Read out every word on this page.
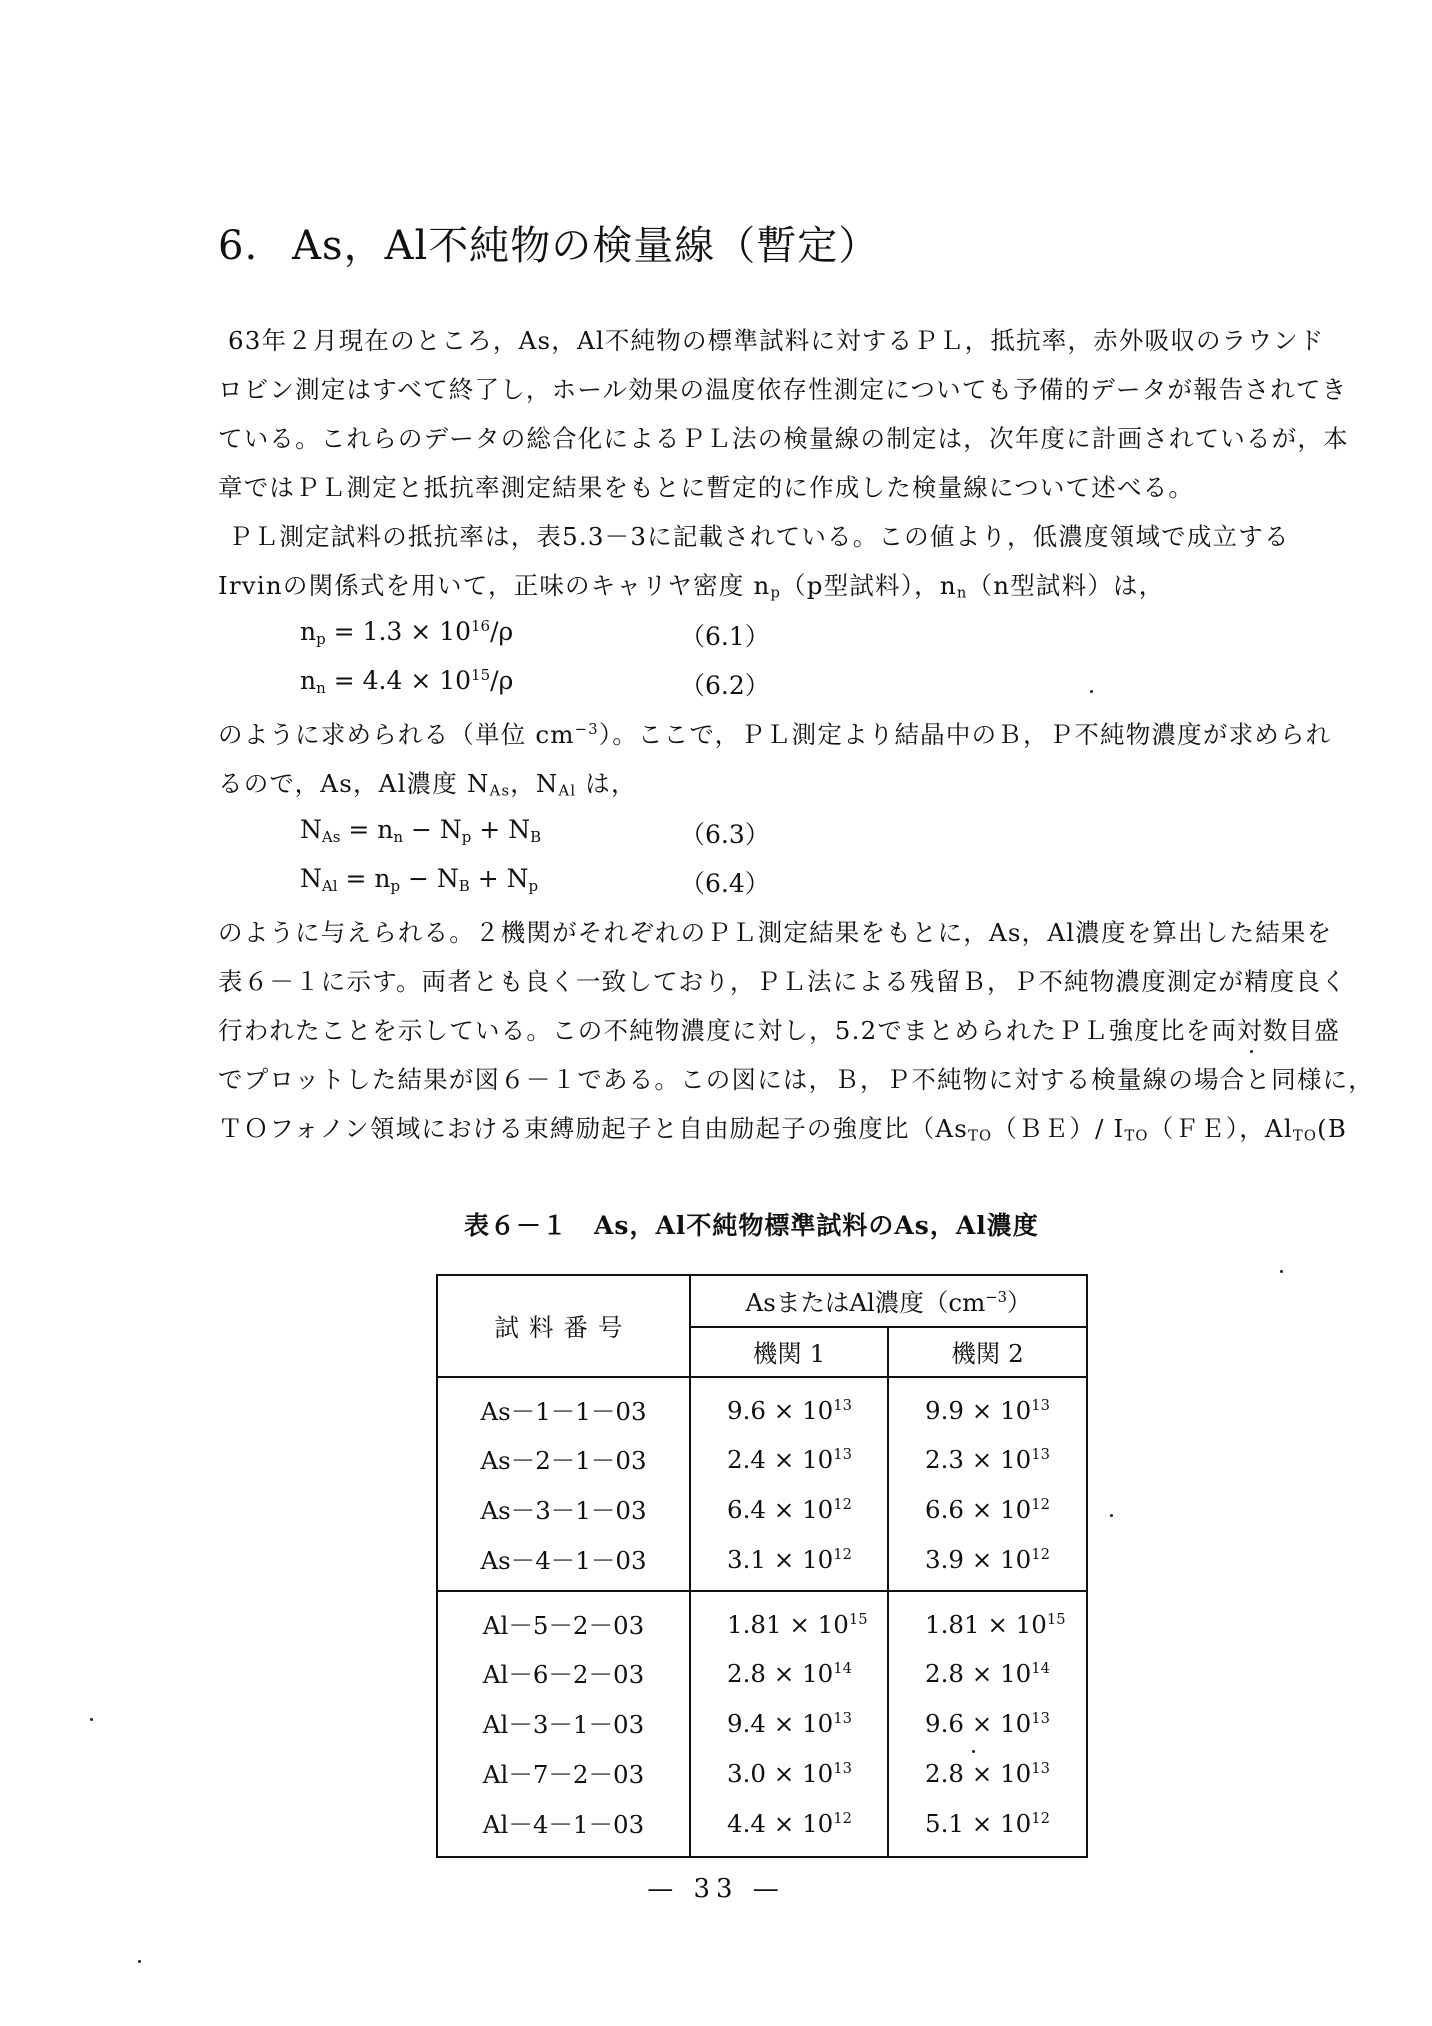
6. As，Al不純物の検量線（暫定）
63年２月現在のところ，As，Al不純物の標準試料に対するＰＬ，抵抗率，赤外吸収のラウンド
ロビン測定はすべて終了し，ホール効果の温度依存性測定についても予備的データが報告されてき
ている。これらのデータの総合化によるＰＬ法の検量線の制定は，次年度に計画されているが，本
章ではＰＬ測定と抵抗率測定結果をもとに暫定的に作成した検量線について述べる。
ＰＬ測定試料の抵抗率は，表5.3－3に記載されている。この値より，低濃度領域で成立する
Irvinの関係式を用いて，正味のキャリヤ密度 $n_p(p$型試料），$n_n(n$型試料）は，
$n_p = 1.3 \times 10^{16}/\rho$	（6.1）
$n_n = 4.4 \times 10^{15}/\rho$	（6.2）
のように求められる（単位 $cm^{-3}$）。ここで，ＰＬ測定より結晶中のＢ，Ｐ不純物濃度が求められ
るので，As，Al濃度 $N_{As}$，$N_{Al}$ は，
$N_{As} = n_n - N_p + N_B$	（6.3）
$N_{Al} = n_p - N_B + N_p$	（6.4）
のように与えられる。２機関がそれぞれのＰＬ測定結果をもとに，As，Al濃度を算出した結果を
表６－１に示す。両者とも良く一致しており，ＰＬ法による残留Ｂ，Ｐ不純物濃度測定が精度良く
行われたことを示している。この不純物濃度に対し，5.2でまとめられたＰＬ強度比を両対数目盛
でプロットした結果が図６－１である。この図には，Ｂ，Ｐ不純物に対する検量線の場合と同様に，
ＴＯフォノン領域における束縛励起子と自由励起子の強度比（$As_{TO}(BE)/$ $I_{TO}(FE)$，$Al_{TO}(B$
表６－１　As，Al不純物標準試料のAs，Al濃度
試料番号	AsまたはAl濃度$(cm^{-3})$	
	機関 1	機関 2
As－1－1－03	$9.6 \times 10^{13}$	$9.9 \times 10^{13}$
As－2－1－03	$2.4 \times 10^{13}$	$2.3 \times 10^{13}$
As－3－1－03	$6.4 \times 10^{12}$	$6.6 \times 10^{12}$
As－4－1－03	$3.1 \times 10^{12}$	$3.9 \times 10^{12}$
Al－5－2－03	$1.81 \times 10^{15}$	$1.81 \times 10^{15}$
Al－6－2－03	$2.8 \times 10^{14}$	$2.8 \times 10^{14}$
Al－3－1－03	$9.4 \times 10^{13}$	$9.6 \times 10^{13}$
Al－7－2－03	$3.0 \times 10^{13}$	$2.8 \times 10^{13}$
Al－4－1－03	$4.4 \times 10^{12}$	$5.1 \times 10^{12}$
— 33 —
